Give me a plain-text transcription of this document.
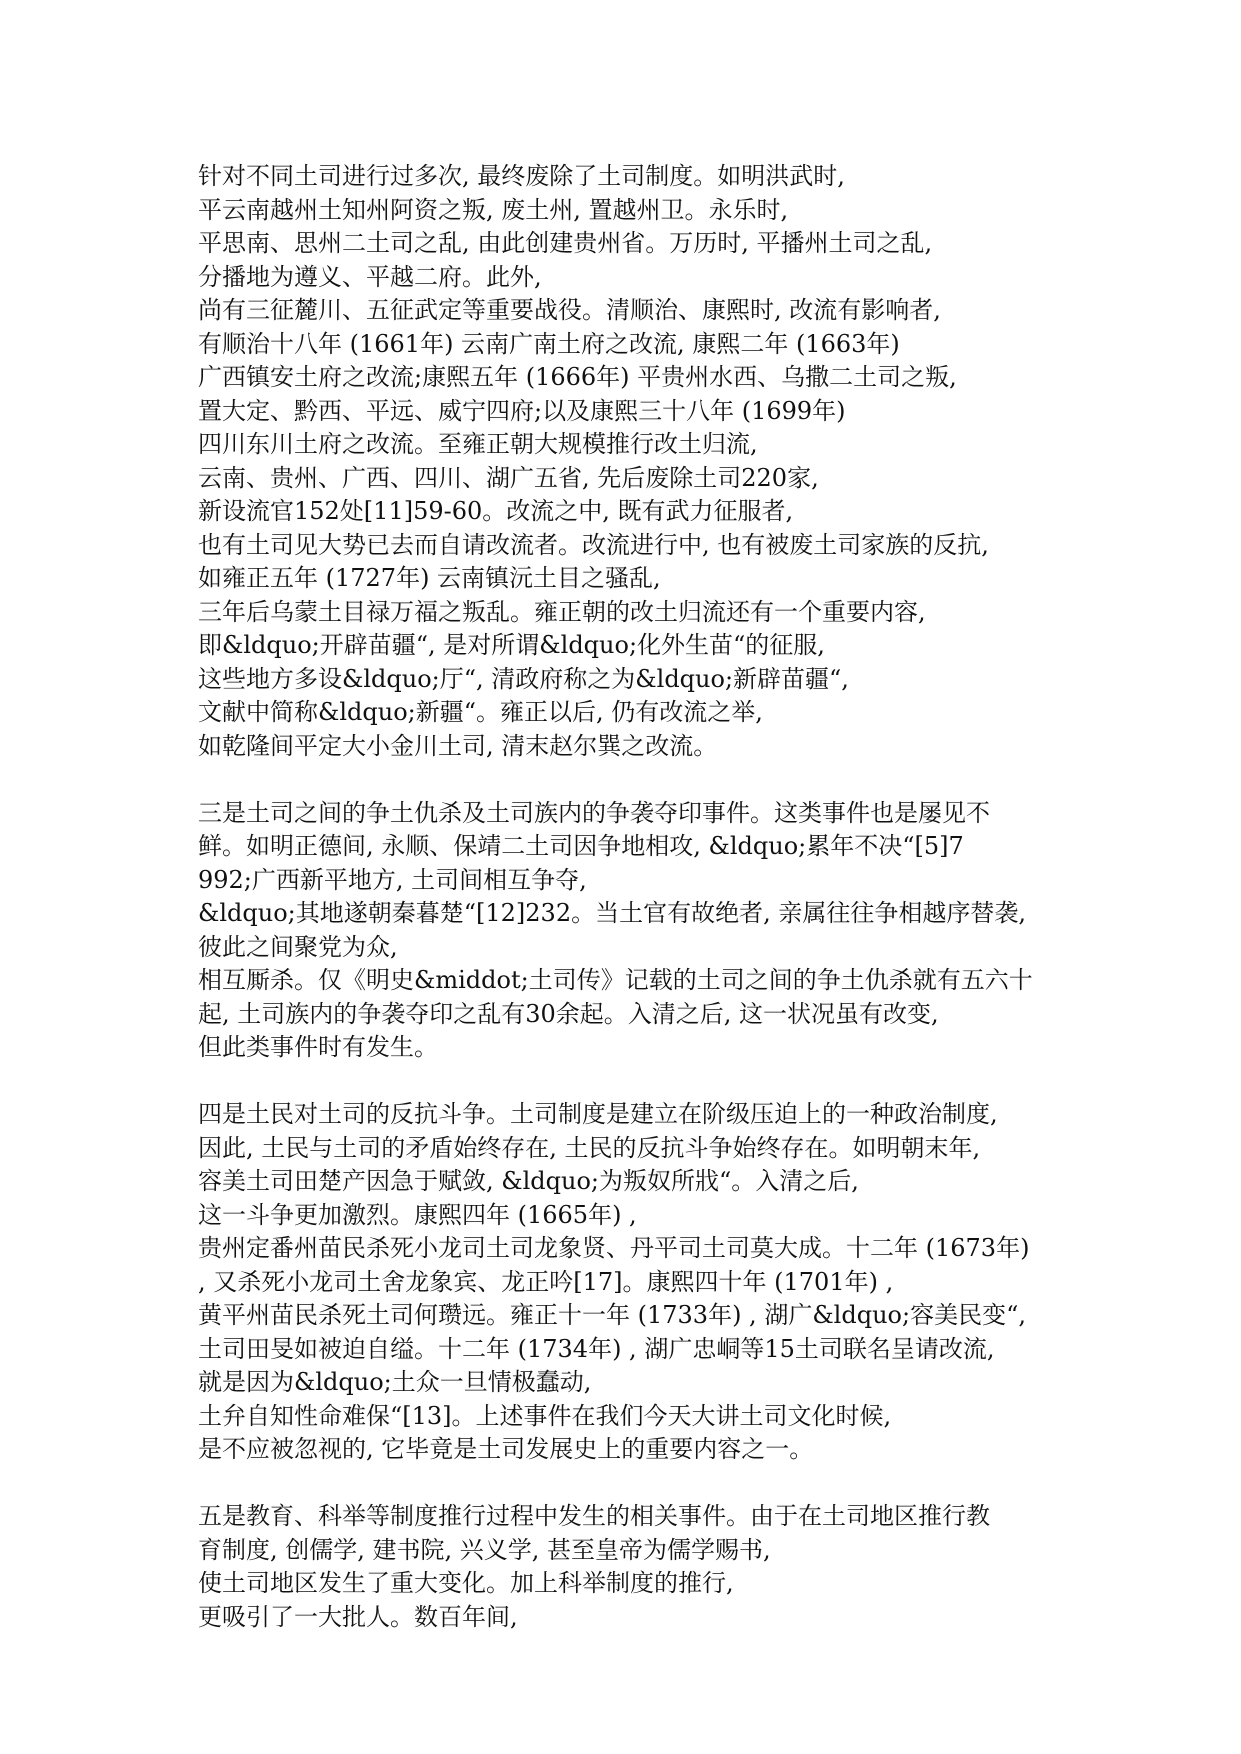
针对不同土司进行过多次, 最终废除了土司制度。如明洪武时,
平云南越州土知州阿资之叛, 废土州, 置越州卫。永乐时,
平思南、思州二土司之乱, 由此创建贵州省。万历时, 平播州土司之乱,
分播地为遵义、平越二府。此外,
尚有三征麓川、五征武定等重要战役。清顺治、康熙时, 改流有影响者,
有顺治十八年 (1661年) 云南广南土府之改流, 康熙二年 (1663年)
广西镇安土府之改流;康熙五年 (1666年) 平贵州水西、乌撒二土司之叛,
置大定、黔西、平远、威宁四府;以及康熙三十八年 (1699年)
四川东川土府之改流。至雍正朝大规模推行改土归流,
云南、贵州、广西、四川、湖广五省, 先后废除土司220家,
新设流官152处[11]59-60。改流之中, 既有武力征服者,
也有土司见大势已去而自请改流者。改流进行中, 也有被废土司家族的反抗,
如雍正五年 (1727年) 云南镇沅土目之骚乱,
三年后乌蒙土目禄万福之叛乱。雍正朝的改土归流还有一个重要内容,
即&ldquo;开辟苗疆“, 是对所谓&ldquo;化外生苗“的征服,
这些地方多设&ldquo;厅“, 清政府称之为&ldquo;新辟苗疆“,
文献中简称&ldquo;新疆“。雍正以后, 仍有改流之举,
如乾隆间平定大小金川土司, 清末赵尔巽之改流。
三是土司之间的争土仇杀及土司族内的争袭夺印事件。这类事件也是屡见不
鲜。如明正德间, 永顺、保靖二土司因争地相攻, &ldquo;累年不决“[5]7
992;广西新平地方, 土司间相互争夺,
&ldquo;其地遂朝秦暮楚“[12]232。当土官有故绝者, 亲属往往争相越序替袭,
彼此之间聚党为众,
相互厮杀。仅《明史&middot;土司传》记载的土司之间的争土仇杀就有五六十
起, 土司族内的争袭夺印之乱有30余起。入清之后, 这一状况虽有改变,
但此类事件时有发生。
四是土民对土司的反抗斗争。土司制度是建立在阶级压迫上的一种政治制度,
因此, 土民与土司的矛盾始终存在, 土民的反抗斗争始终存在。如明朝末年,
容美土司田楚产因急于赋敛, &ldquo;为叛奴所戕“。入清之后,
这一斗争更加激烈。康熙四年 (1665年) ,
贵州定番州苗民杀死小龙司土司龙象贤、丹平司土司莫大成。十二年 (1673年)
, 又杀死小龙司土舍龙象宾、龙正吟[17]。康熙四十年 (1701年) ,
黄平州苗民杀死土司何瓒远。雍正十一年 (1733年) , 湖广&ldquo;容美民变“,
土司田旻如被迫自缢。十二年 (1734年) , 湖广忠峒等15土司联名呈请改流,
就是因为&ldquo;土众一旦情极蠢动,
土弁自知性命难保“[13]。上述事件在我们今天大讲土司文化时候,
是不应被忽视的, 它毕竟是土司发展史上的重要内容之一。
五是教育、科举等制度推行过程中发生的相关事件。由于在土司地区推行教
育制度, 创儒学, 建书院, 兴义学, 甚至皇帝为儒学赐书,
使土司地区发生了重大变化。加上科举制度的推行,
更吸引了一大批人。数百年间,
